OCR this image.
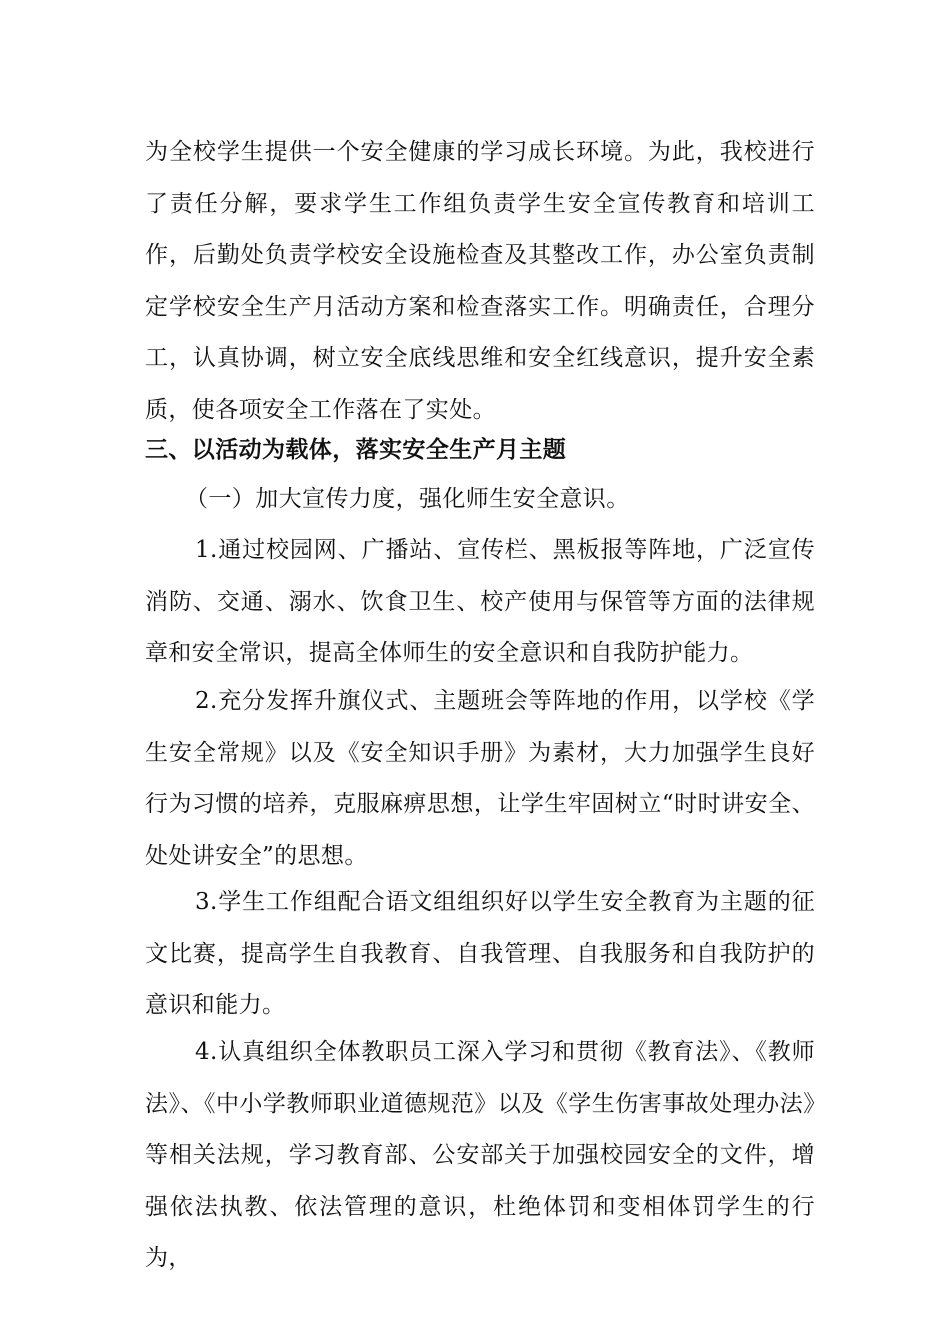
为全校学生提供一个安全健康的学习成长环境。为此，我校进行了责任分解，要求学生工作组负责学生安全宣传教育和培训工作，后勤处负责学校安全设施检查及其整改工作，办公室负责制定学校安全生产月活动方案和检查落实工作。明确责任，合理分工，认真协调，树立安全底线思维和安全红线意识，提升安全素质，使各项安全工作落在了实处。
三、以活动为载体，落实安全生产月主题
（一）加大宣传力度，强化师生安全意识。
1.通过校园网、广播站、宣传栏、黑板报等阵地，广泛宣传消防、交通、溺水、饮食卫生、校产使用与保管等方面的法律规章和安全常识，提高全体师生的安全意识和自我防护能力。
2.充分发挥升旗仪式、主题班会等阵地的作用，以学校《学生安全常规》以及《安全知识手册》为素材，大力加强学生良好行为习惯的培养，克服麻痹思想，让学生牢固树立“时时讲安全、处处讲安全”的思想。
3.学生工作组配合语文组组织好以学生安全教育为主题的征文比赛，提高学生自我教育、自我管理、自我服务和自我防护的意识和能力。
4.认真组织全体教职员工深入学习和贯彻《教育法》、《教师法》、《中小学教师职业道德规范》以及《学生伤害事故处理办法》等相关法规，学习教育部、公安部关于加强校园安全的文件，增强依法执教、依法管理的意识，杜绝体罚和变相体罚学生的行为，
